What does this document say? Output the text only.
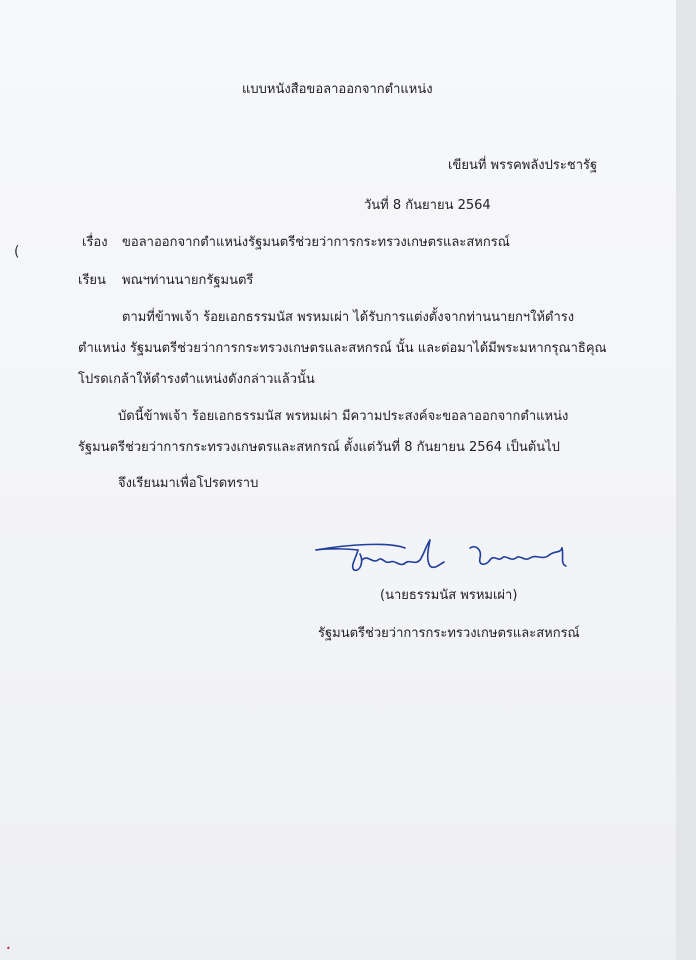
แบบหนังสือขอลาออกจากตำแหน่ง
เขียนที่ พรรคพลังประชารัฐ
วันที่ 8 กันยายน 2564
(
เรื่อง ขอลาออกจากตำแหน่งรัฐมนตรีช่วยว่าการกระทรวงเกษตรและสหกรณ์
เรียน พณฯท่านนายกรัฐมนตรี
ตามที่ข้าพเจ้า ร้อยเอกธรรมนัส พรหมเผ่า ได้รับการแต่งตั้งจากท่านนายกฯให้ดำรง
ตำแหน่ง รัฐมนตรีช่วยว่าการกระทรวงเกษตรและสหกรณ์ นั้น และต่อมาได้มีพระมหากรุณาธิคุณ
โปรดเกล้าให้ดำรงตำแหน่งดังกล่าวแล้วนั้น
บัดนี้ข้าพเจ้า ร้อยเอกธรรมนัส พรหมเผ่า มีความประสงค์จะขอลาออกจากตำแหน่ง
รัฐมนตรีช่วยว่าการกระทรวงเกษตรและสหกรณ์ ตั้งแต่วันที่ 8 กันยายน 2564 เป็นต้นไป
จึงเรียนมาเพื่อโปรดทราบ
(นายธรรมนัส พรหมเผ่า)
รัฐมนตรีช่วยว่าการกระทรวงเกษตรและสหกรณ์
•
